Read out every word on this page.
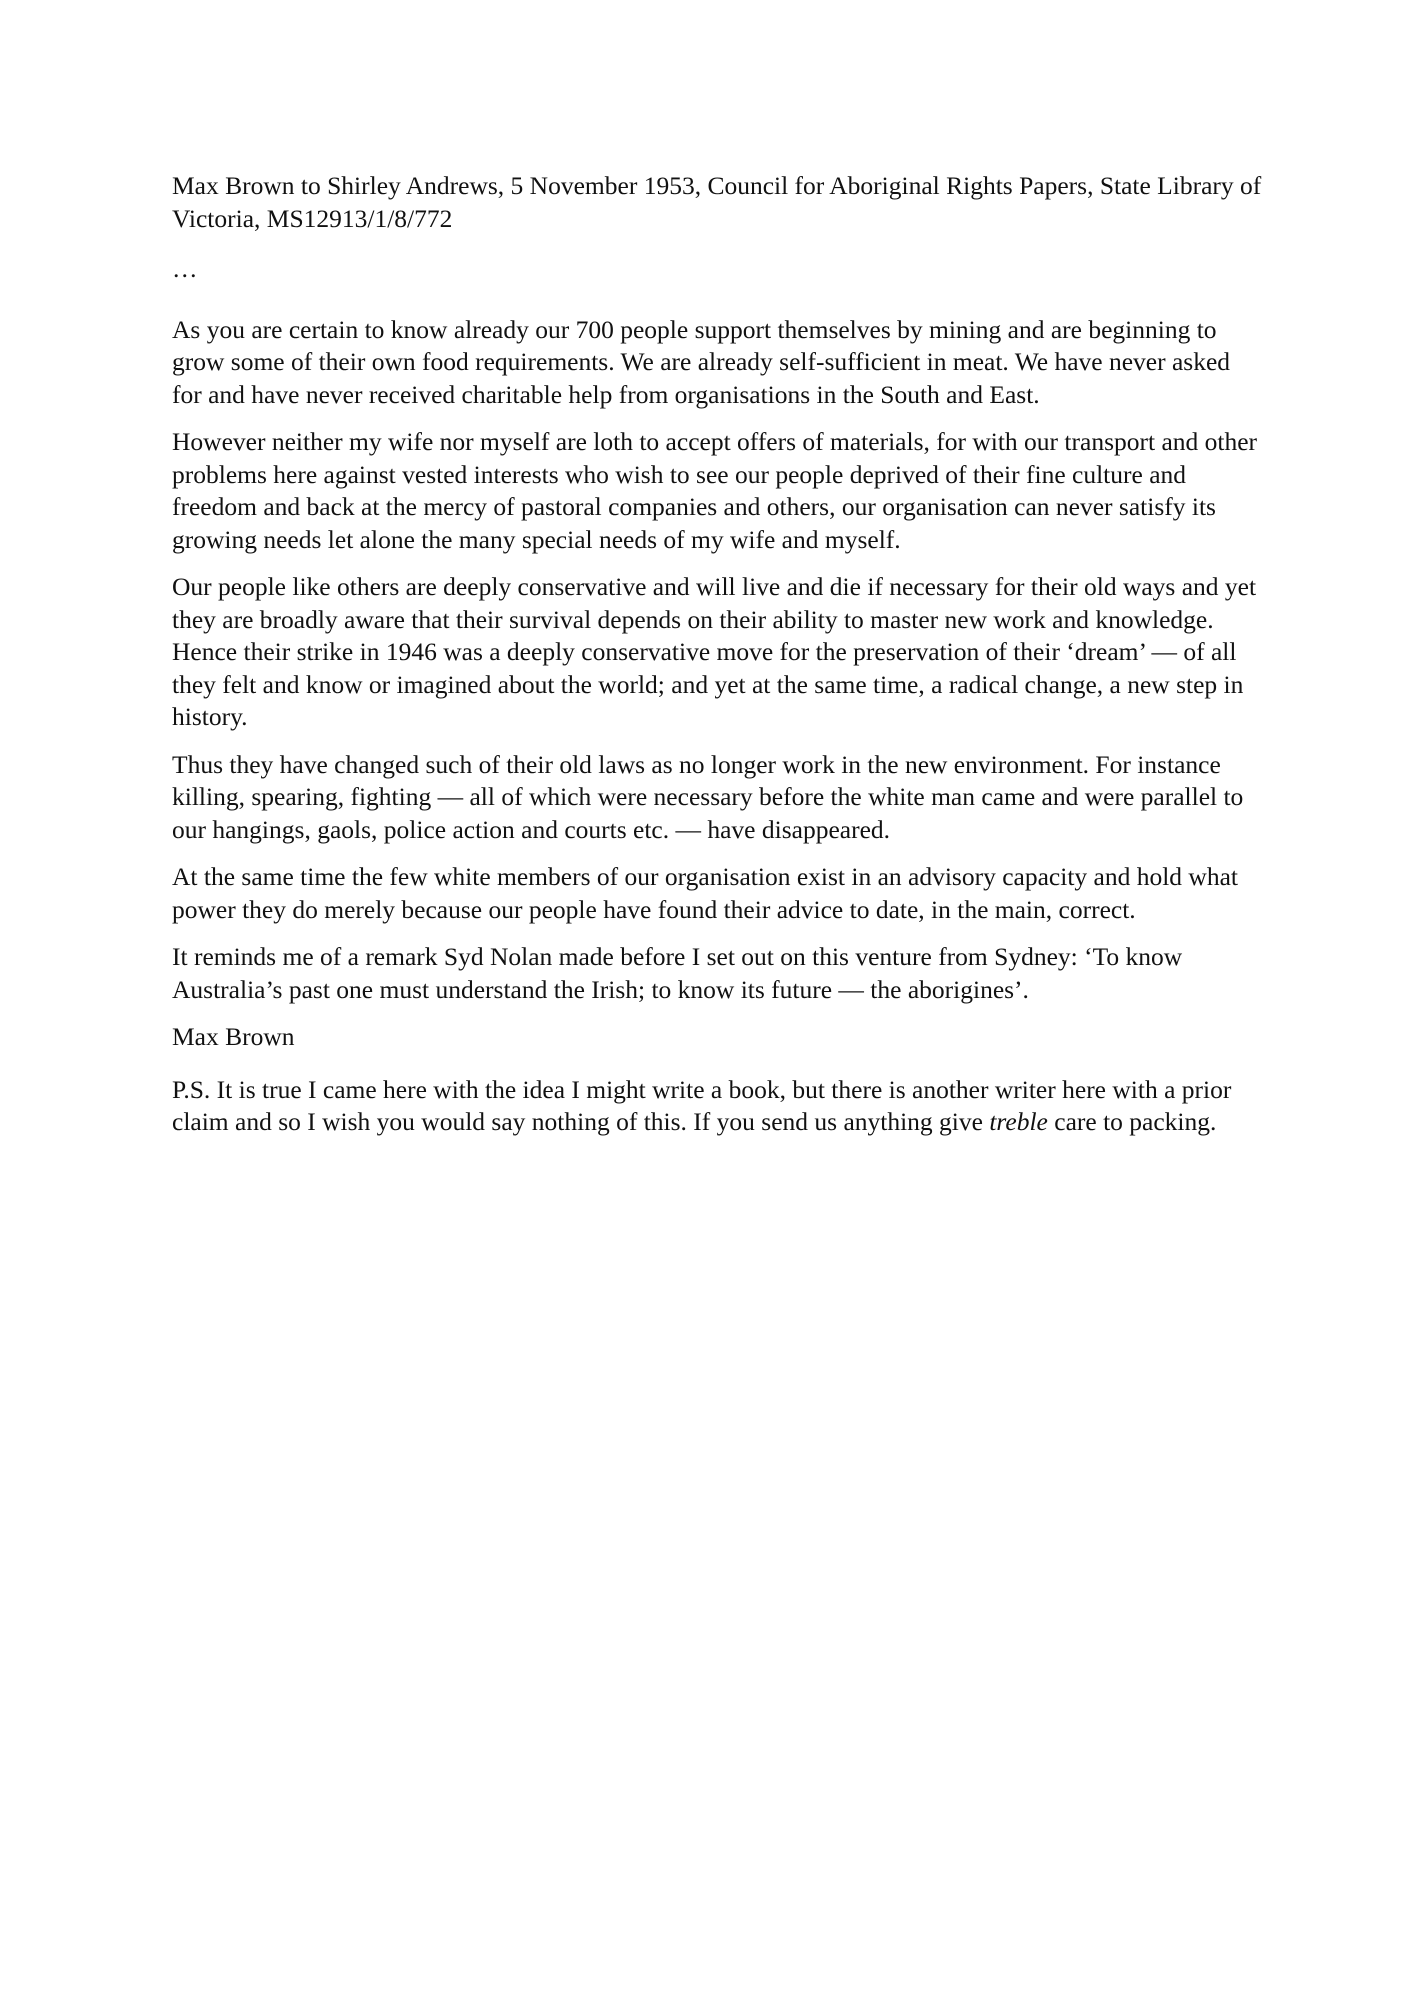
Max Brown to Shirley Andrews, 5 November 1953, Council for Aboriginal Rights Papers, State Library of Victoria, MS12913/1/8/772

…

As you are certain to know already our 700 people support themselves by mining and are beginning to grow some of their own food requirements. We are already self-sufficient in meat. We have never asked for and have never received charitable help from organisations in the South and East.

However neither my wife nor myself are loth to accept offers of materials, for with our transport and other problems here against vested interests who wish to see our people deprived of their fine culture and freedom and back at the mercy of pastoral companies and others, our organisation can never satisfy its growing needs let alone the many special needs of my wife and myself.

Our people like others are deeply conservative and will live and die if necessary for their old ways and yet they are broadly aware that their survival depends on their ability to master new work and knowledge. Hence their strike in 1946 was a deeply conservative move for the preservation of their ‘dream’ — of all they felt and know or imagined about the world; and yet at the same time, a radical change, a new step in history.

Thus they have changed such of their old laws as no longer work in the new environment. For instance killing, spearing, fighting — all of which were necessary before the white man came and were parallel to our hangings, gaols, police action and courts etc. — have disappeared.

At the same time the few white members of our organisation exist in an advisory capacity and hold what power they do merely because our people have found their advice to date, in the main, correct.

It reminds me of a remark Syd Nolan made before I set out on this venture from Sydney: ‘To know Australia’s past one must understand the Irish; to know its future — the aborigines’.

Max Brown

P.S. It is true I came here with the idea I might write a book, but there is another writer here with a prior claim and so I wish you would say nothing of this. If you send us anything give treble care to packing.
